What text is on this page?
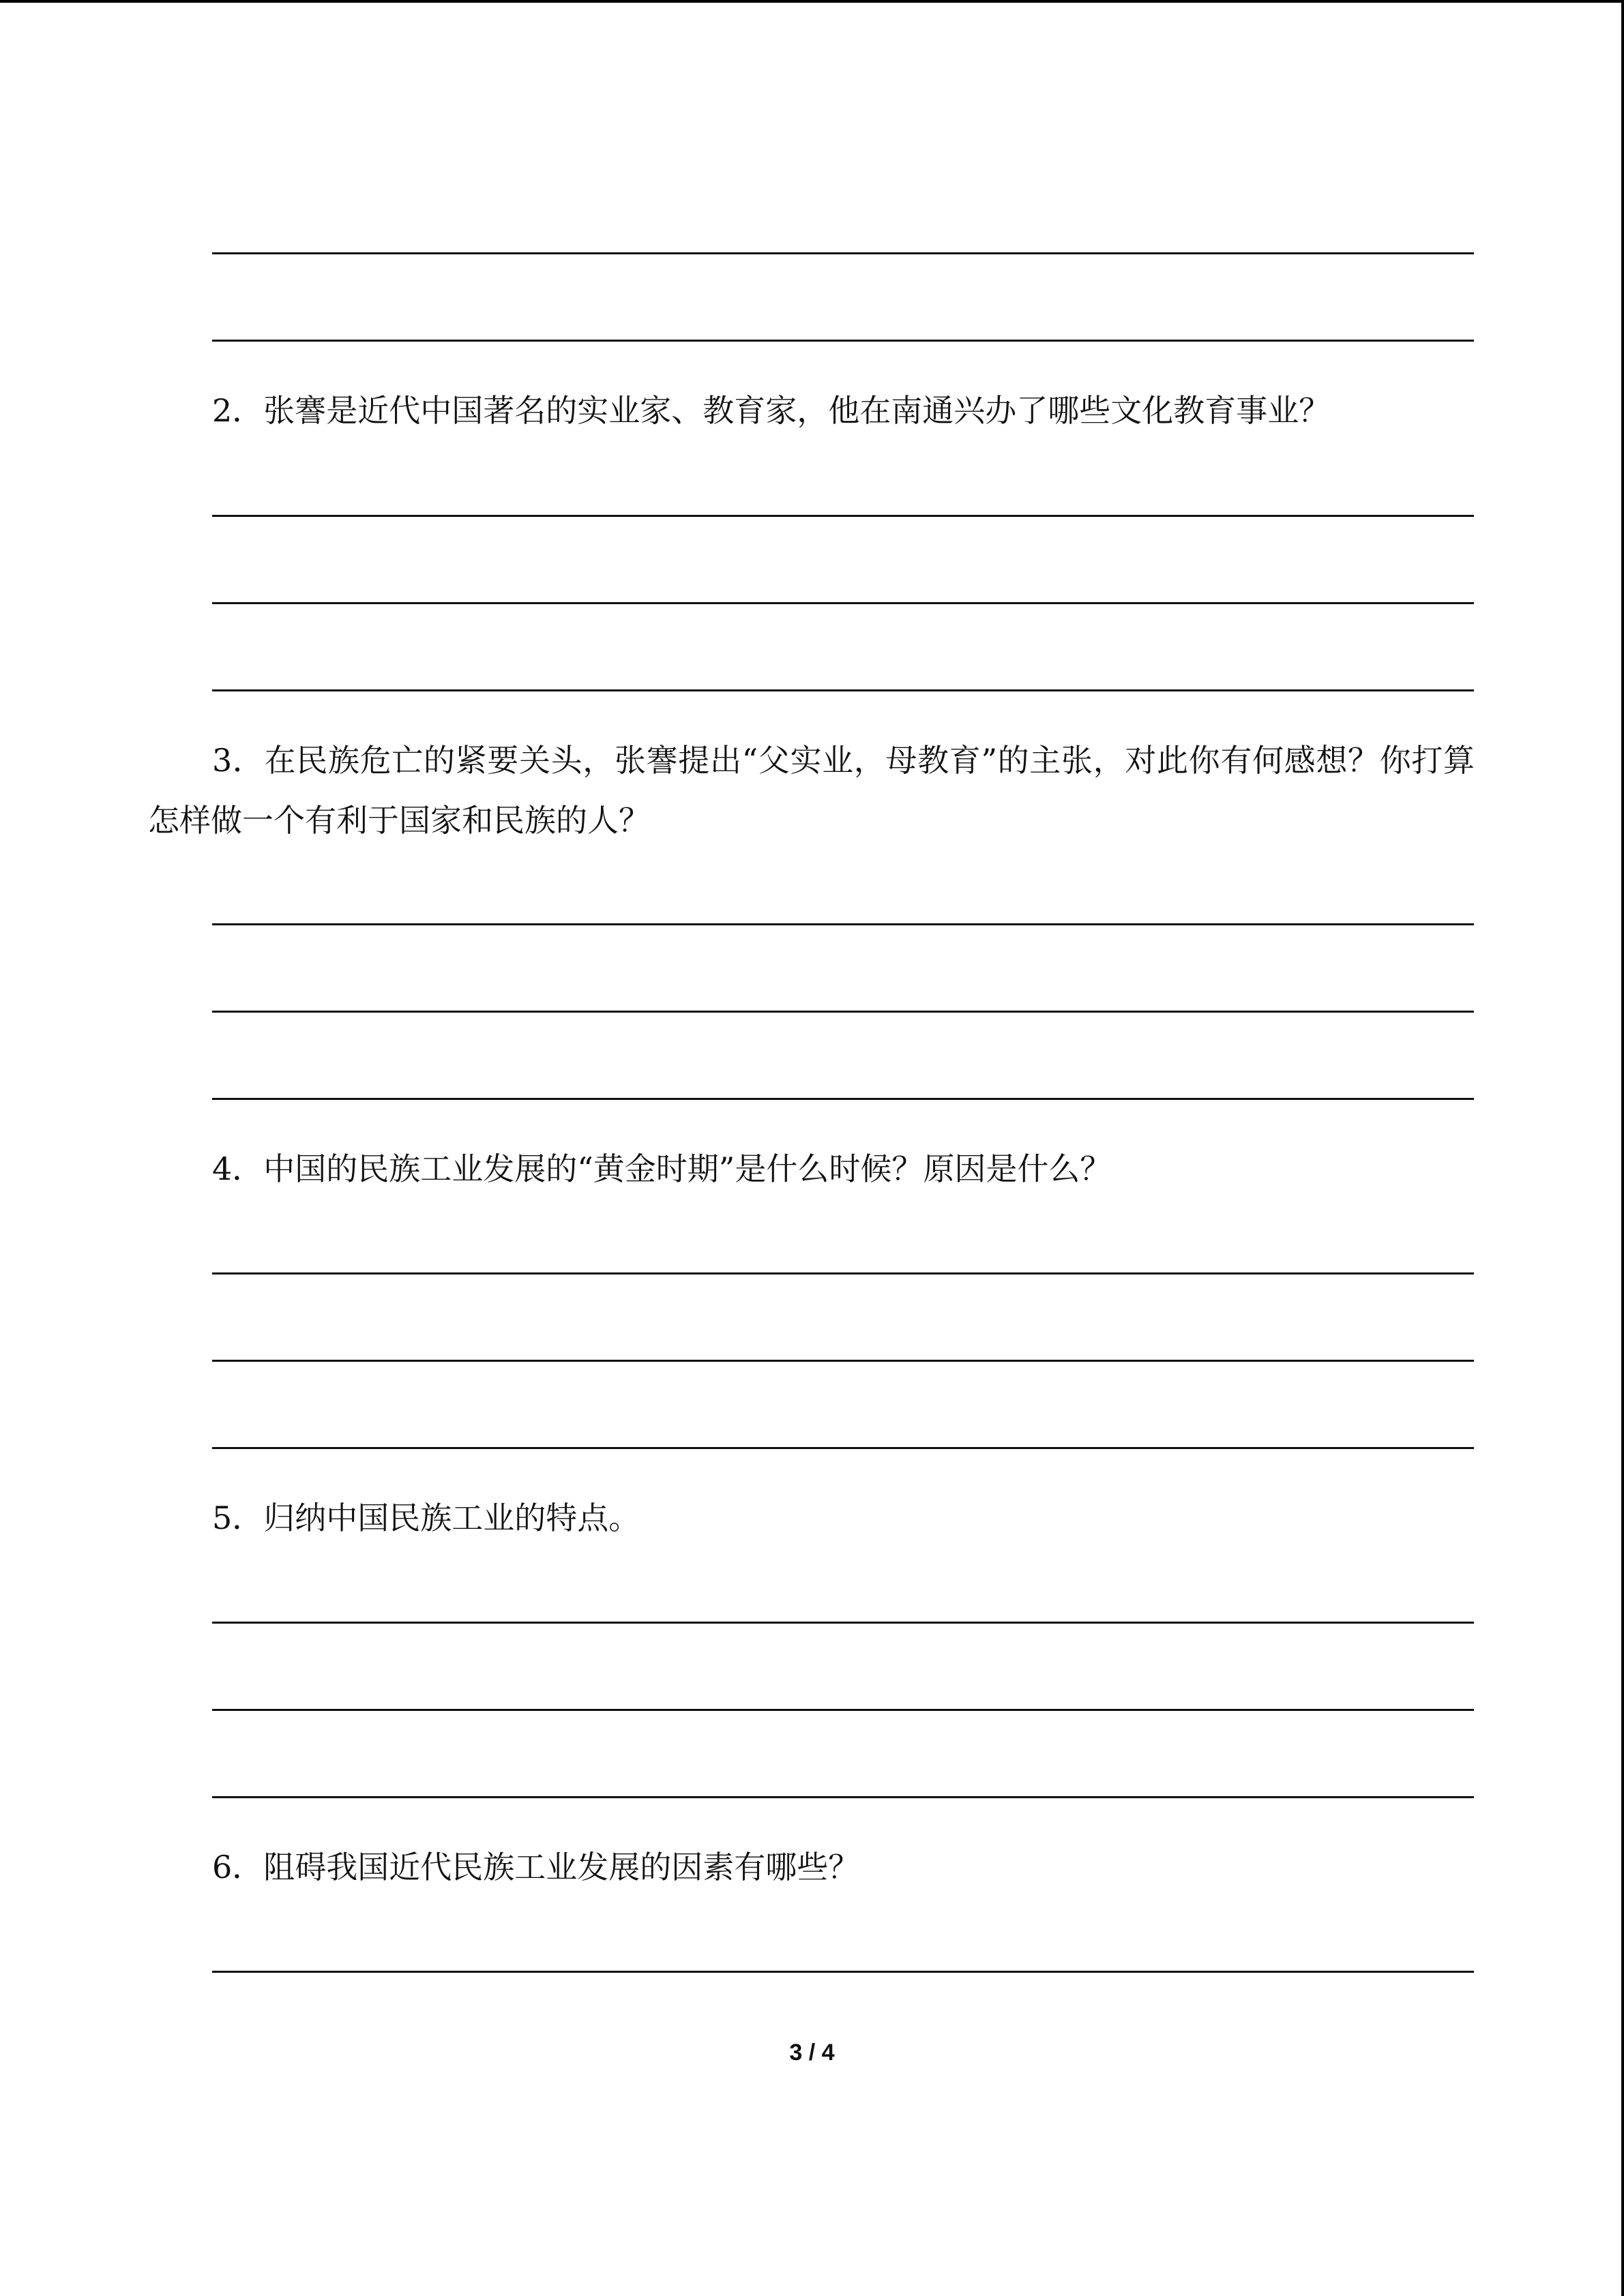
2．张謇是近代中国著名的实业家、教育家，他在南通兴办了哪些文化教育事业？
3．在民族危亡的紧要关头，张謇提出“父实业，母教育”的主张，对此你有何感想？你打算怎样做一个有利于国家和民族的人？
4．中国的民族工业发展的“黄金时期”是什么时候？原因是什么？
5．归纳中国民族工业的特点。
6．阻碍我国近代民族工业发展的因素有哪些？
3 / 4
